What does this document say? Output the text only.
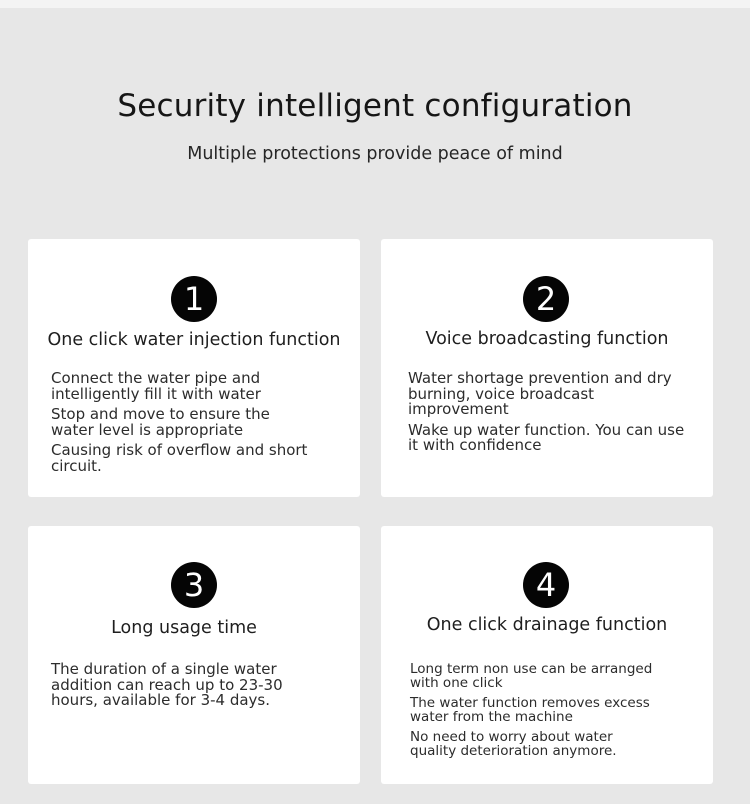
Security intelligent configuration
Multiple protections provide peace of mind
1
One click water injection function

Connect the water pipe and intelligently fill it with water

Stop and move to ensure the water level is appropriate

Causing risk of overflow and short circuit.

2
Voice broadcasting function

Water shortage prevention and dry burning, voice broadcast improvement

Wake up water function. You can use it with confidence

3
Long usage time

The duration of a single water addition can reach up to 23-30 hours, available for 3-4 days.

4
One click drainage function

Long term non use can be arranged with one click

The water function removes excess water from the machine

No need to worry about water quality deterioration anymore.
